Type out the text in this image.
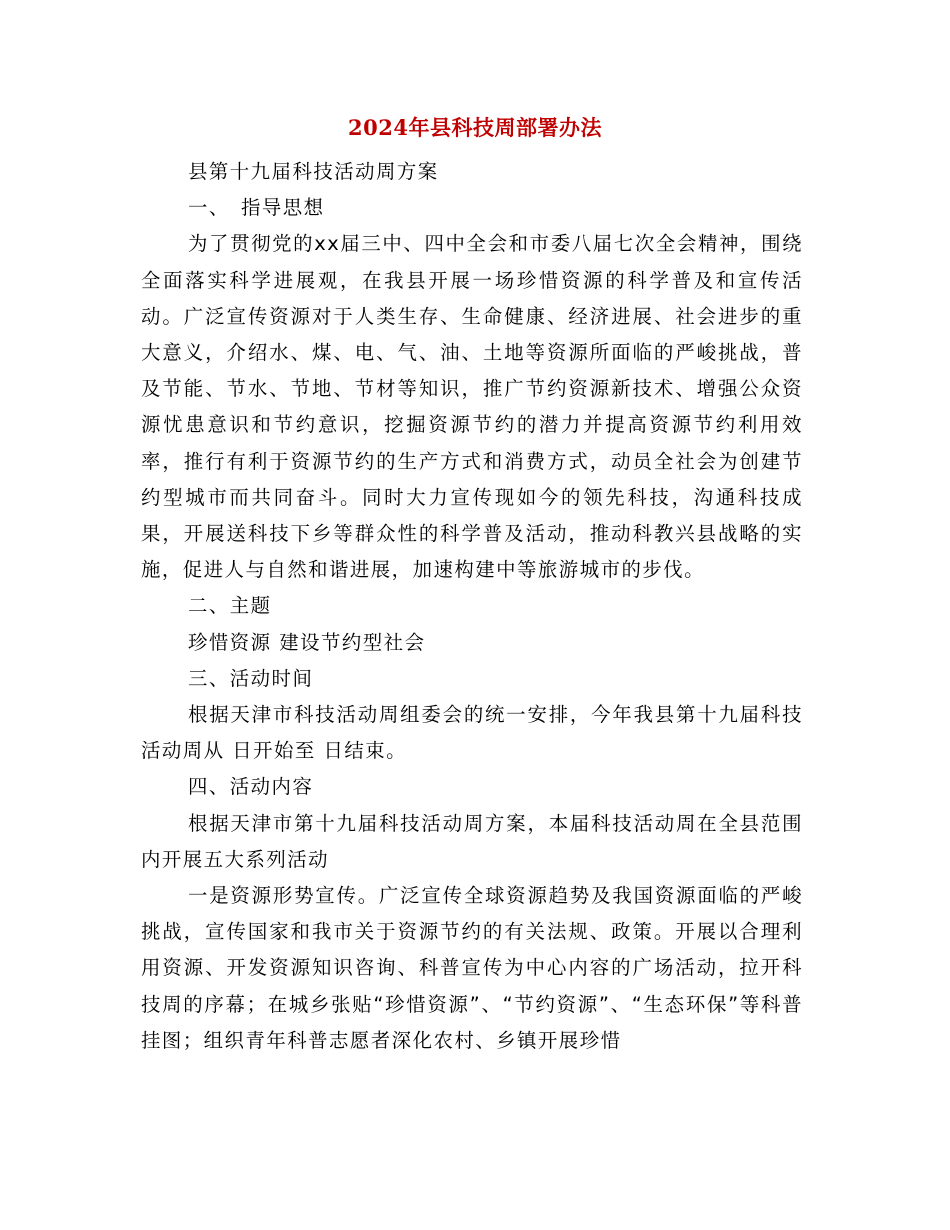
2024年县科技周部署办法

县第十九届科技活动周方案

一、　指导思想

为了贯彻党的xx届三中、四中全会和市委八届七次全会精神，围绕全面落实科学进展观，在我县开展一场珍惜资源的科学普及和宣传活动。广泛宣传资源对于人类生存、生命健康、经济进展、社会进步的重大意义，介绍水、煤、电、气、油、土地等资源所面临的严峻挑战，普及节能、节水、节地、节材等知识，推广节约资源新技术、增强公众资源忧患意识和节约意识，挖掘资源节约的潜力并提高资源节约利用效率，推行有利于资源节约的生产方式和消费方式，动员全社会为创建节约型城市而共同奋斗。同时大力宣传现如今的领先科技，沟通科技成果，开展送科技下乡等群众性的科学普及活动，推动科教兴县战略的实施，促进人与自然和谐进展，加速构建中等旅游城市的步伐。

二、主题

珍惜资源 建设节约型社会

三、活动时间

根据天津市科技活动周组委会的统一安排，今年我县第十九届科技活动周从 日开始至 日结束。

四、活动内容

根据天津市第十九届科技活动周方案，本届科技活动周在全县范围内开展五大系列活动

一是资源形势宣传。广泛宣传全球资源趋势及我国资源面临的严峻挑战，宣传国家和我市关于资源节约的有关法规、政策。开展以合理利用资源、开发资源知识咨询、科普宣传为中心内容的广场活动，拉开科技周的序幕；在城乡张贴“珍惜资源”、“节约资源”、“生态环保”等科普挂图；组织青年科普志愿者深化农村、乡镇开展珍惜
